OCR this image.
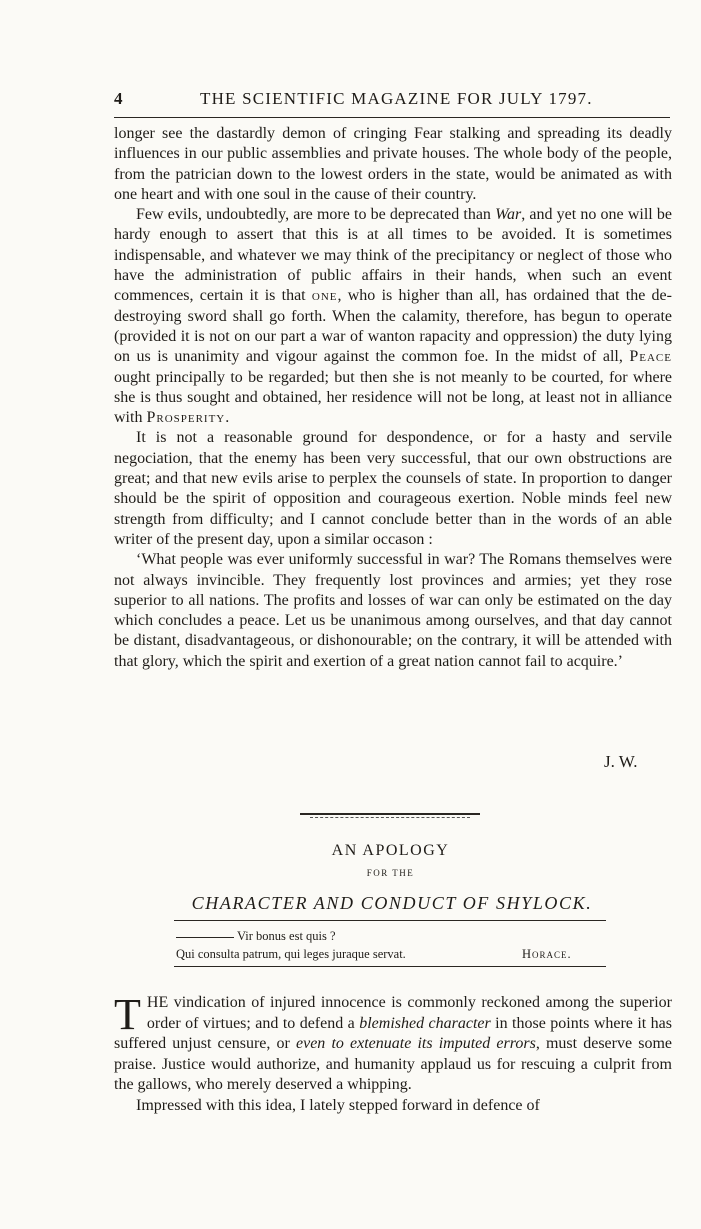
4	THE SCIENTIFIC MAGAZINE FOR JULY 1797.

longer see the dastardly demon of cringing Fear stalking and spreading its deadly influences in our public assemblies and private houses. The whole body of the people, from the patrician down to the lowest orders in the state, would be animated as with one heart and with one soul in the cause of their country.

Few evils, undoubtedly, are more to be deprecated than War, and yet no one will be hardy enough to assert that this is at all times to be avoided. It is sometimes indispensable, and whatever we may think of the precipitancy or neglect of those who have the administration of public affairs in their hands, when such an event commences, certain it is that one, who is higher than all, has ordained that the de-destroying sword shall go forth. When the calamity, therefore, has begun to operate (provided it is not on our part a war of wanton rapacity and oppression) the duty lying on us is unanimity and vigour against the common foe. In the midst of all, Peace ought principally to be regarded; but then she is not meanly to be courted, for where she is thus sought and obtained, her residence will not be long, at least not in alliance with Prosperity.

It is not a reasonable ground for despondence, or for a hasty and servile negociation, that the enemy has been very successful, that our own obstructions are great; and that new evils arise to perplex the counsels of state. In proportion to danger should be the spirit of opposition and courageous exertion. Noble minds feel new strength from difficulty; and I cannot conclude better than in the words of an able writer of the present day, upon a similar occason :

‘What people was ever uniformly successful in war? The Romans themselves were not always invincible. They frequently lost provinces and armies; yet they rose superior to all nations. The profits and losses of war can only be estimated on the day which concludes a peace. Let us be unanimous among ourselves, and that day cannot be distant, disadvantageous, or dishonourable; on the contrary, it will be attended with that glory, which the spirit and exertion of a great nation cannot fail to acquire.’

J. W.
AN APOLOGY
FOR THE
CHARACTER AND CONDUCT OF SHYLOCK.
Vir bonus est quis ?
Qui consulta patrum, qui leges juraque servat.	Horace.

THE vindication of injured innocence is commonly reckoned among the superior order of virtues; and to defend a blemished character in those points where it has suffered unjust censure, or even to extenuate its imputed errors, must deserve some praise. Justice would authorize, and humanity applaud us for rescuing a culprit from the gallows, who merely deserved a whipping.

Impressed with this idea, I lately stepped forward in defence of
